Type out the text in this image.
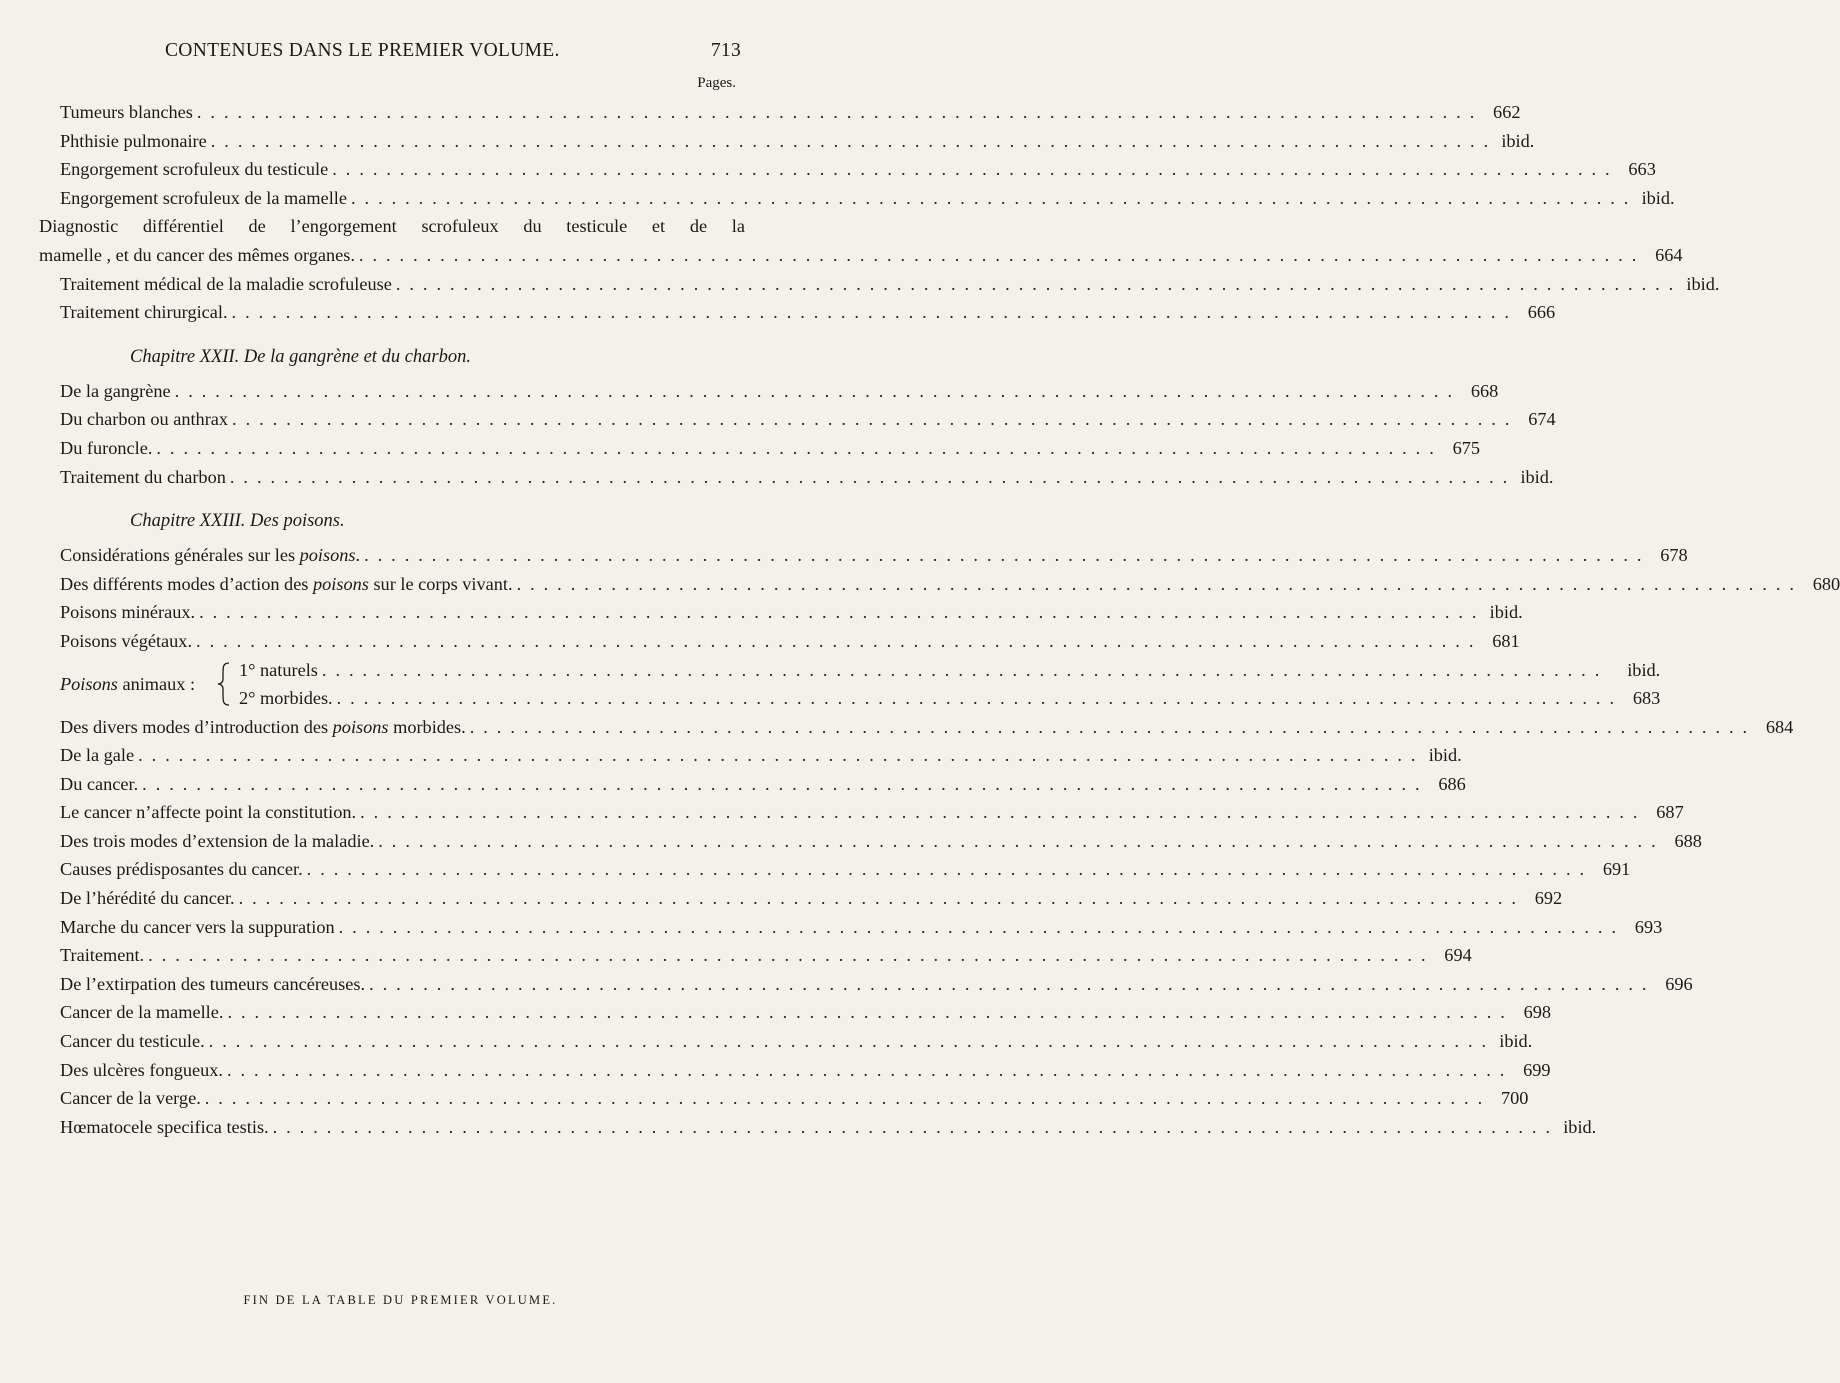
CONTENUES DANS LE PREMIER VOLUME.	713
Pages.
Tumeurs blanches . . .	662
Phthisie pulmonaire . . .	ibid.
Engorgement scrofuleux du testicule . . .	663
Engorgement scrofuleux de la mamelle . . .	ibid.
Diagnostic différentiel de l’engorgement scrofuleux du testicule et de la
mamelle , et du cancer des mêmes organes. . . .	664
Traitement médical de la maladie scrofuleuse . . .	ibid.
Traitement chirurgical. . . .	666
Chapitre XXII. De la gangrène et du charbon.
De la gangrène . . .	668
Du charbon ou anthrax . . .	674
Du furoncle. . . .	675
Traitement du charbon . . .	ibid.
Chapitre XXIII. Des poisons.
Considérations générales sur les poisons. . . .	678
Des différents modes d’action des poisons sur le corps vivant. . . .	680
Poisons minéraux. . . .	ibid.
Poisons végétaux. . . .	681
Poisons animaux :
1° naturels . . .	ibid.
2° morbides. . . .	683
Des divers modes d’introduction des poisons morbides. . . .	684
De la gale . . .	ibid.
Du cancer. . . .	686
Le cancer n’affecte point la constitution. . . .	687
Des trois modes d’extension de la maladie. . . .	688
Causes prédisposantes du cancer. . . .	691
De l’hérédité du cancer. . . .	692
Marche du cancer vers la suppuration . . .	693
Traitement. . . .	694
De l’extirpation des tumeurs cancéreuses. . . .	696
Cancer de la mamelle. . . .	698
Cancer du testicule. . . .	ibid.
Des ulcères fongueux. . . .	699
Cancer de la verge. . . .	700
Hœmatocele specifica testis. . . .	ibid.
FIN DE LA TABLE DU PREMIER VOLUME.
